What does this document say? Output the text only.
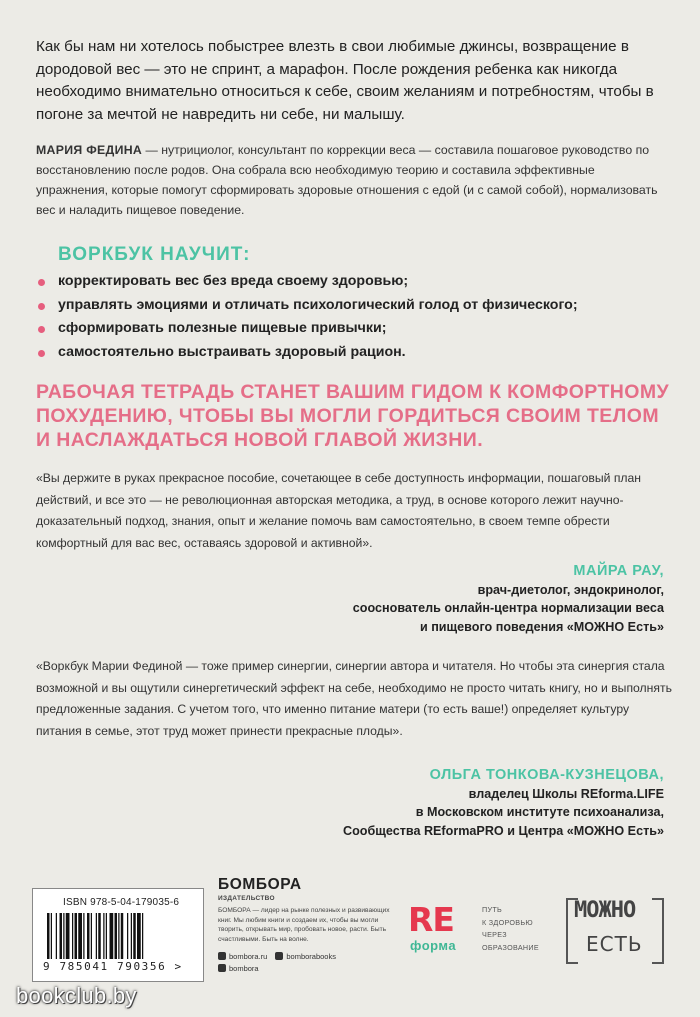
Как бы нам ни хотелось побыстрее влезть в свои любимые джинсы, возвращение в дородовой вес — это не спринт, а марафон. После рождения ребенка как никогда необходимо внимательно относиться к себе, своим желаниям и потребностям, чтобы в погоне за мечтой не навредить ни себе, ни малышу.
МАРИЯ ФЕДИНА — нутрициолог, консультант по коррекции веса — составила пошаговое руководство по восстановлению после родов. Она собрала всю необходимую теорию и составила эффективные упражнения, которые помогут сформировать здоровые отношения с едой (и с самой собой), нормализовать вес и наладить пищевое поведение.
ВОРКБУК НАУЧИТ:
корректировать вес без вреда своему здоровью;
управлять эмоциями и отличать психологический голод от физического;
сформировать полезные пищевые привычки;
самостоятельно выстраивать здоровый рацион.
РАБОЧАЯ ТЕТРАДЬ СТАНЕТ ВАШИМ ГИДОМ К КОМФОРТНОМУ ПОХУДЕНИЮ, ЧТОБЫ ВЫ МОГЛИ ГОРДИТЬСЯ СВОИМ ТЕЛОМ И НАСЛАЖДАТЬСЯ НОВОЙ ГЛАВОЙ ЖИЗНИ.
«Вы держите в руках прекрасное пособие, сочетающее в себе доступность информации, пошаговый план действий, и все это — не революционная авторская методика, а труд, в основе которого лежит научно-доказательный подход, знания, опыт и желание помочь вам самостоятельно, в своем темпе обрести комфортный для вас вес, оставаясь здоровой и активной».
МАЙРА РАУ,
врач-диетолог, эндокринолог,
сооснователь онлайн-центра нормализации веса
и пищевого поведения «МОЖНО Есть»
«Воркбук Марии Фединой — тоже пример синергии, синергии автора и читателя. Но чтобы эта синергия стала возможной и вы ощутили синергетический эффект на себе, необходимо не просто читать книгу, но и выполнять предложенные задания. С учетом того, что именно питание матери (то есть ваше!) определяет культуру питания в семье, этот труд может принести прекрасные плоды».
ОЛЬГА ТОНКОВА-КУЗНЕЦОВА,
владелец Школы REforma.LIFE
в Московском институте психоанализа,
Сообщества REformaPRO и Центра «МОЖНО Есть»
ISBN 978-5-04-179035-6
9 785041 790356 >
БОМБОРА
ИЗДАТЕЛЬСТВО
БОМБОРА — лидер на рынке полезных и развивающих книг. Мы любим книги и создаем их, чтобы вы могли творить, открывать мир, пробовать новое, расти. Быть счастливыми. Быть на волне.
bombora.ru	bomborabooks
bombora
RE
форма
ПУТЬ
К ЗДОРОВЬЮ
ЧЕРЕЗ
ОБРАЗОВАНИЕ
МОЖНО
ЕСТЬ
bookclub.by
